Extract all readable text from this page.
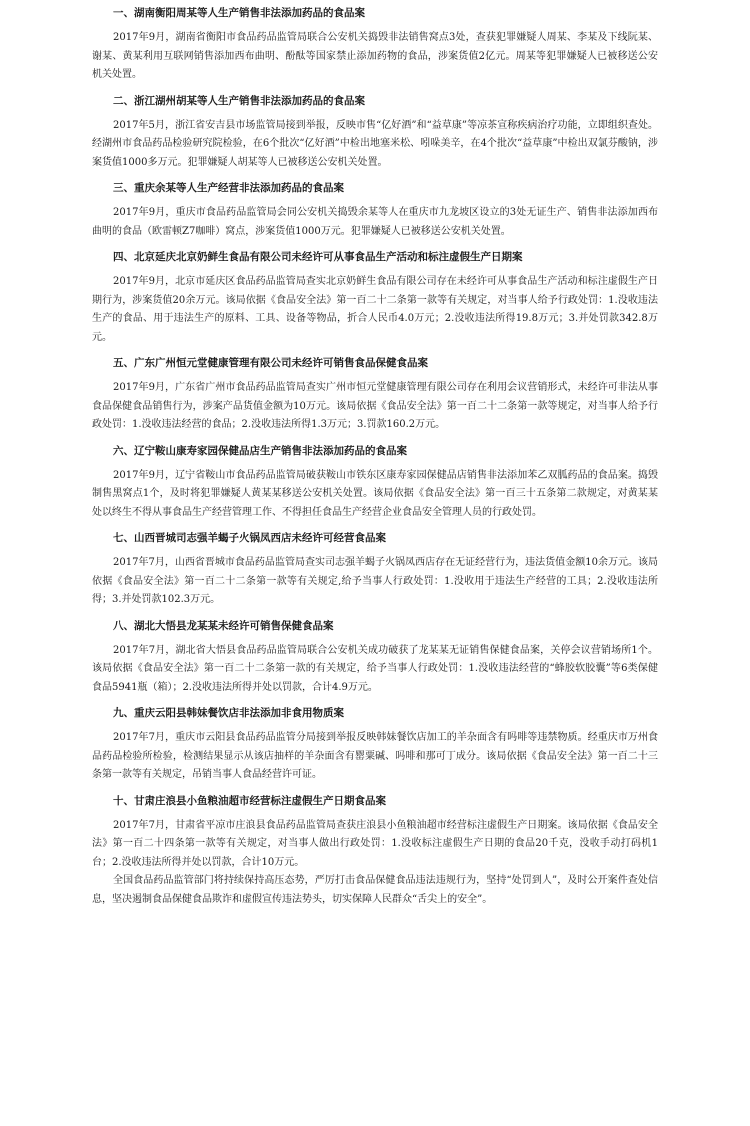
一、湖南衡阳周某等人生产销售非法添加药品的食品案

2017年9月，湖南省衡阳市食品药品监管局联合公安机关捣毁非法销售窝点3处，查获犯罪嫌疑人周某、李某及下线阮某、谢某、黄某利用互联网销售添加西布曲明、酚酞等国家禁止添加药物的食品，涉案货值2亿元。周某等犯罪嫌疑人已被移送公安机关处置。

二、浙江湖州胡某等人生产销售非法添加药品的食品案

2017年5月，浙江省安吉县市场监管局接到举报，反映市售“亿好酒”和“益草康”等凉茶宣称疾病治疗功能，立即组织查处。经湖州市食品药品检验研究院检验，在6个批次“亿好酒”中检出地塞米松、吲哚美辛，在4个批次“益草康”中检出双氯芬酸钠，涉案货值1000多万元。犯罪嫌疑人胡某等人已被移送公安机关处置。

三、重庆余某等人生产经营非法添加药品的食品案

2017年9月，重庆市食品药品监管局会同公安机关捣毁余某等人在重庆市九龙坡区设立的3处无证生产、销售非法添加西布曲明的食品（欧雷顿Z7咖啡）窝点，涉案货值1000万元。犯罪嫌疑人已被移送公安机关处置。

四、北京延庆北京奶鲜生食品有限公司未经许可从事食品生产活动和标注虚假生产日期案

2017年9月，北京市延庆区食品药品监管局查实北京奶鲜生食品有限公司存在未经许可从事食品生产活动和标注虚假生产日期行为，涉案货值20余万元。该局依据《食品安全法》第一百二十二条第一款等有关规定，对当事人给予行政处罚：1.没收违法生产的食品、用于违法生产的原料、工具、设备等物品，折合人民币4.0万元；2.没收违法所得19.8万元；3.并处罚款342.8万元。

五、广东广州恒元堂健康管理有限公司未经许可销售食品保健食品案

2017年9月，广东省广州市食品药品监管局查实广州市恒元堂健康管理有限公司存在利用会议营销形式，未经许可非法从事食品保健食品销售行为，涉案产品货值金额为10万元。该局依据《食品安全法》第一百二十二条第一款等规定，对当事人给予行政处罚：1.没收违法经营的食品；2.没收违法所得1.3万元；3.罚款160.2万元。

六、辽宁鞍山康寿家园保健品店生产销售非法添加药品的食品案

2017年9月，辽宁省鞍山市食品药品监管局破获鞍山市铁东区康寿家园保健品店销售非法添加苯乙双胍药品的食品案。捣毁制售黑窝点1个，及时将犯罪嫌疑人黄某某移送公安机关处置。该局依据《食品安全法》第一百三十五条第二款规定，对黄某某处以终生不得从事食品生产经营管理工作、不得担任食品生产经营企业食品安全管理人员的行政处罚。

七、山西晋城司志强羊蝎子火锅凤西店未经许可经营食品案

2017年7月，山西省晋城市食品药品监管局查实司志强羊蝎子火锅凤西店存在无证经营行为，违法货值金额10余万元。该局依据《食品安全法》第一百二十二条第一款等有关规定,给予当事人行政处罚：1.没收用于违法生产经营的工具；2.没收违法所得；3.并处罚款102.3万元。

八、湖北大悟县龙某某未经许可销售保健食品案

2017年7月，湖北省大悟县食品药品监管局联合公安机关成功破获了龙某某无证销售保健食品案，关停会议营销场所1个。该局依据《食品安全法》第一百二十二条第一款的有关规定，给予当事人行政处罚：1.没收违法经营的“蜂胶软胶囊”等6类保健食品5941瓶（箱）；2.没收违法所得并处以罚款，合计4.9万元。

九、重庆云阳县韩妹餐饮店非法添加非食用物质案

2017年7月，重庆市云阳县食品药品监管分局接到举报反映韩妹餐饮店加工的羊杂面含有吗啡等违禁物质。经重庆市万州食品药品检验所检验，检测结果显示从该店抽样的羊杂面含有罂粟碱、吗啡和那可丁成分。该局依据《食品安全法》第一百二十三条第一款等有关规定，吊销当事人食品经营许可证。

十、甘肃庄浪县小鱼粮油超市经营标注虚假生产日期食品案

2017年7月，甘肃省平凉市庄浪县食品药品监管局查获庄浪县小鱼粮油超市经营标注虚假生产日期案。该局依据《食品安全法》第一百二十四条第一款等有关规定，对当事人做出行政处罚：1.没收标注虚假生产日期的食品20千克，没收手动打码机1台；2.没收违法所得并处以罚款，合计10万元。

全国食品药品监管部门将持续保持高压态势，严厉打击食品保健食品违法违规行为，坚持“处罚到人”，及时公开案件查处信息，坚决遏制食品保健食品欺诈和虚假宣传违法势头，切实保障人民群众“舌尖上的安全”。
